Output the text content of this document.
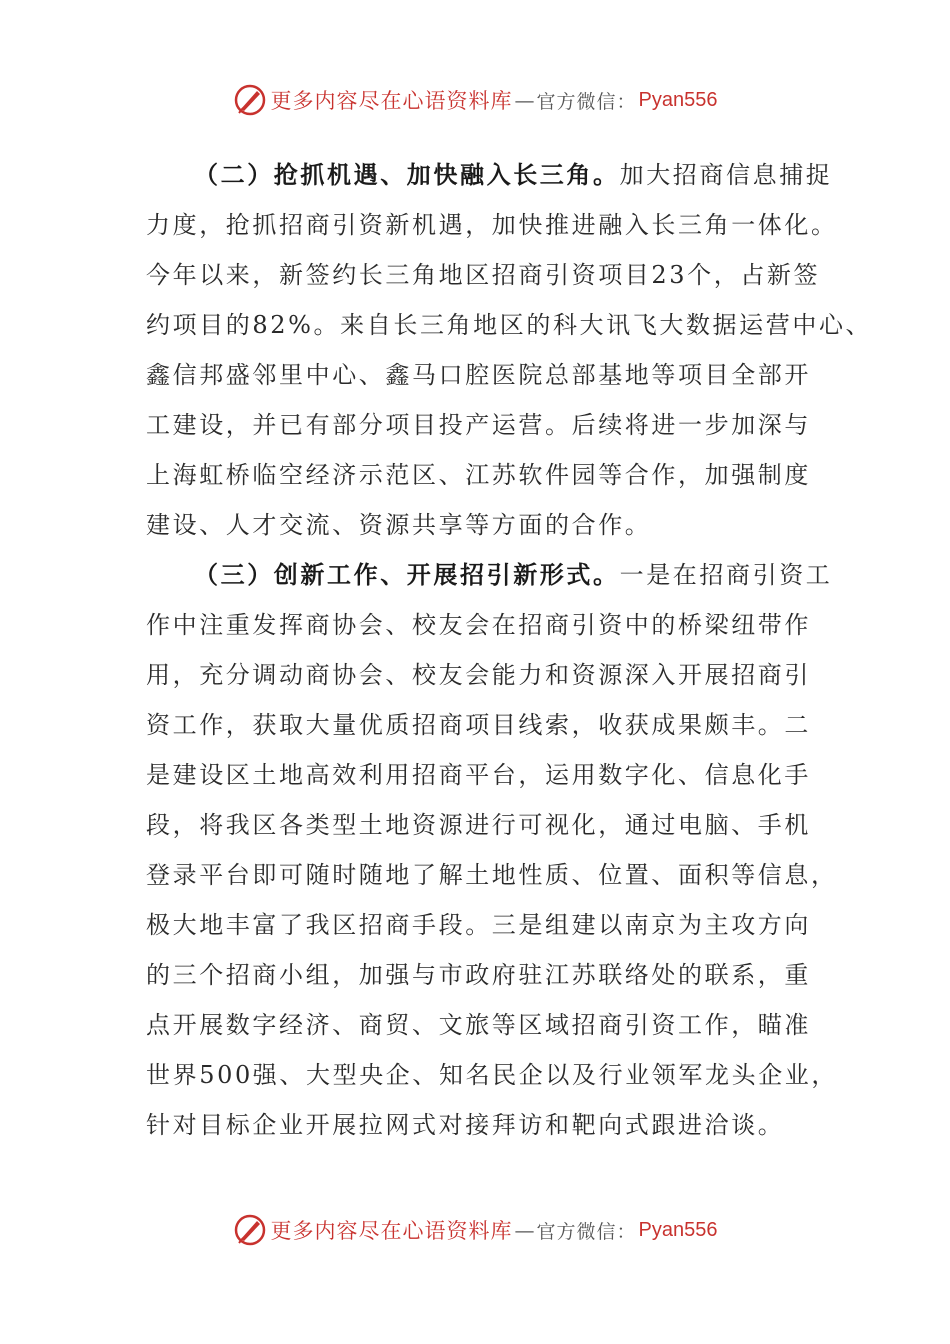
更多内容尽在心语资料库 — 官方微信： Pyan556
（二）抢抓机遇、加快融入长三角。加大招商信息捕捉
力度，抢抓招商引资新机遇，加快推进融入长三角一体化。
今年以来，新签约长三角地区招商引资项目23个，占新签
约项目的82%。来自长三角地区的科大讯飞大数据运营中心、
鑫信邦盛邻里中心、鑫马口腔医院总部基地等项目全部开
工建设，并已有部分项目投产运营。后续将进一步加深与
上海虹桥临空经济示范区、江苏软件园等合作，加强制度
建设、人才交流、资源共享等方面的合作。
（三）创新工作、开展招引新形式。一是在招商引资工
作中注重发挥商协会、校友会在招商引资中的桥梁纽带作
用，充分调动商协会、校友会能力和资源深入开展招商引
资工作，获取大量优质招商项目线索，收获成果颇丰。二
是建设区土地高效利用招商平台，运用数字化、信息化手
段，将我区各类型土地资源进行可视化，通过电脑、手机
登录平台即可随时随地了解土地性质、位置、面积等信息，
极大地丰富了我区招商手段。三是组建以南京为主攻方向
的三个招商小组，加强与市政府驻江苏联络处的联系，重
点开展数字经济、商贸、文旅等区域招商引资工作，瞄准
世界500强、大型央企、知名民企以及行业领军龙头企业，
针对目标企业开展拉网式对接拜访和靶向式跟进洽谈。
更多内容尽在心语资料库 — 官方微信： Pyan556
